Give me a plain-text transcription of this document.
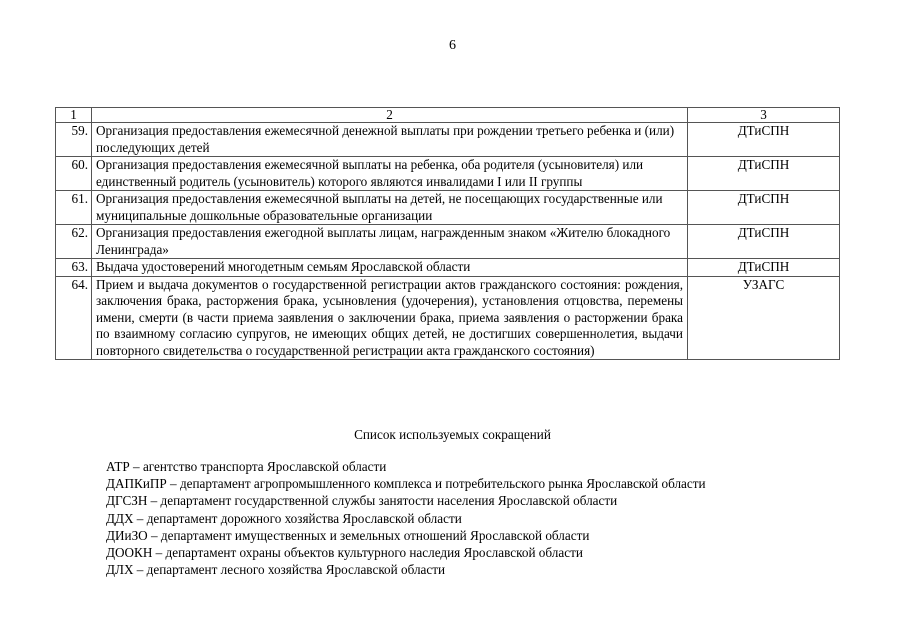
6
1	2	3
59.	Организация предоставления ежемесячной денежной выплаты при рождении третьего ребенка и (или) последующих детей	ДТиСПН
60.	Организация предоставления ежемесячной выплаты на ребенка, оба родителя (усыновителя) или единственный родитель (усыновитель) которого являются инвалидами I или II группы	ДТиСПН
61.	Организация предоставления ежемесячной выплаты на детей, не посещающих государственные или муниципальные дошкольные образовательные организации	ДТиСПН
62.	Организация предоставления ежегодной выплаты лицам, награжденным знаком «Жителю блокадного Ленинграда»	ДТиСПН
63.	Выдача удостоверений многодетным семьям Ярославской области	ДТиСПН
64.	Прием и выдача документов о государственной регистрации актов гражданского состояния: рождения, заключения брака, расторжения брака, усыновления (удочерения), установления отцовства, перемены имени, смерти (в части приема заявления о заключении брака, приема заявления о расторжении брака по взаимному согласию супругов, не имеющих общих детей, не достигших совершеннолетия, выдачи повторного свидетельства о государственной регистрации акта гражданского состояния)	УЗАГС
Список используемых сокращений
АТР – агентство транспорта Ярославской области
ДАПКиПР – департамент агропромышленного комплекса и потребительского рынка Ярославской области
ДГСЗН – департамент государственной службы занятости населения Ярославской области
ДДХ – департамент дорожного хозяйства Ярославской области
ДИиЗО – департамент имущественных и земельных отношений Ярославской области
ДООКН – департамент охраны объектов культурного наследия Ярославской области
ДЛХ – департамент лесного хозяйства Ярославской области
